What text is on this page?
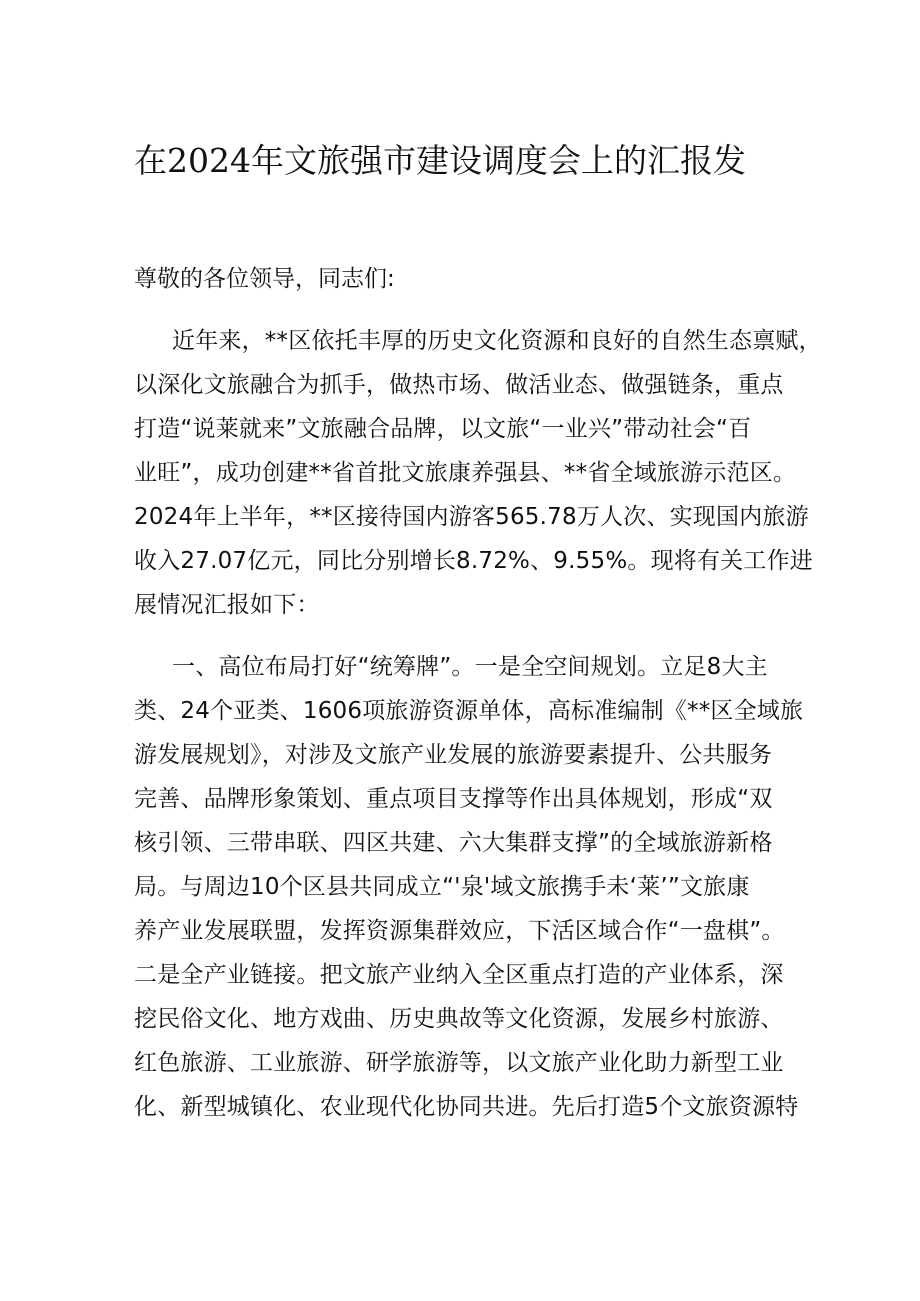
在2024年文旅强市建设调度会上的汇报发
尊敬的各位领导，同志们:
近年来，**区依托丰厚的历史文化资源和良好的自然生态禀赋，
以深化文旅融合为抓手，做热市场、做活业态、做强链条，重点
打造“说莱就来”文旅融合品牌，以文旅“一业兴”带动社会“百
业旺”，成功创建**省首批文旅康养强县、**省全域旅游示范区。
2024年上半年，**区接待国内游客565.78万人次、实现国内旅游
收入27.07亿元，同比分别增长8.72%、9.55%。现将有关工作进
展情况汇报如下：
一、高位布局打好“统筹牌”。一是全空间规划。立足8大主
类、24个亚类、1606项旅游资源单体，高标准编制《**区全域旅
游发展规划》，对涉及文旅产业发展的旅游要素提升、公共服务
完善、品牌形象策划、重点项目支撑等作出具体规划，形成“双
核引领、三带串联、四区共建、六大集群支撑”的全域旅游新格
局。与周边10个区县共同成立“'泉'域文旅携手未‘莱’”文旅康
养产业发展联盟，发挥资源集群效应，下活区域合作“一盘棋”。
二是全产业链接。把文旅产业纳入全区重点打造的产业体系，深
挖民俗文化、地方戏曲、历史典故等文化资源，发展乡村旅游、
红色旅游、工业旅游、研学旅游等，以文旅产业化助力新型工业
化、新型城镇化、农业现代化协同共进。先后打造5个文旅资源特
